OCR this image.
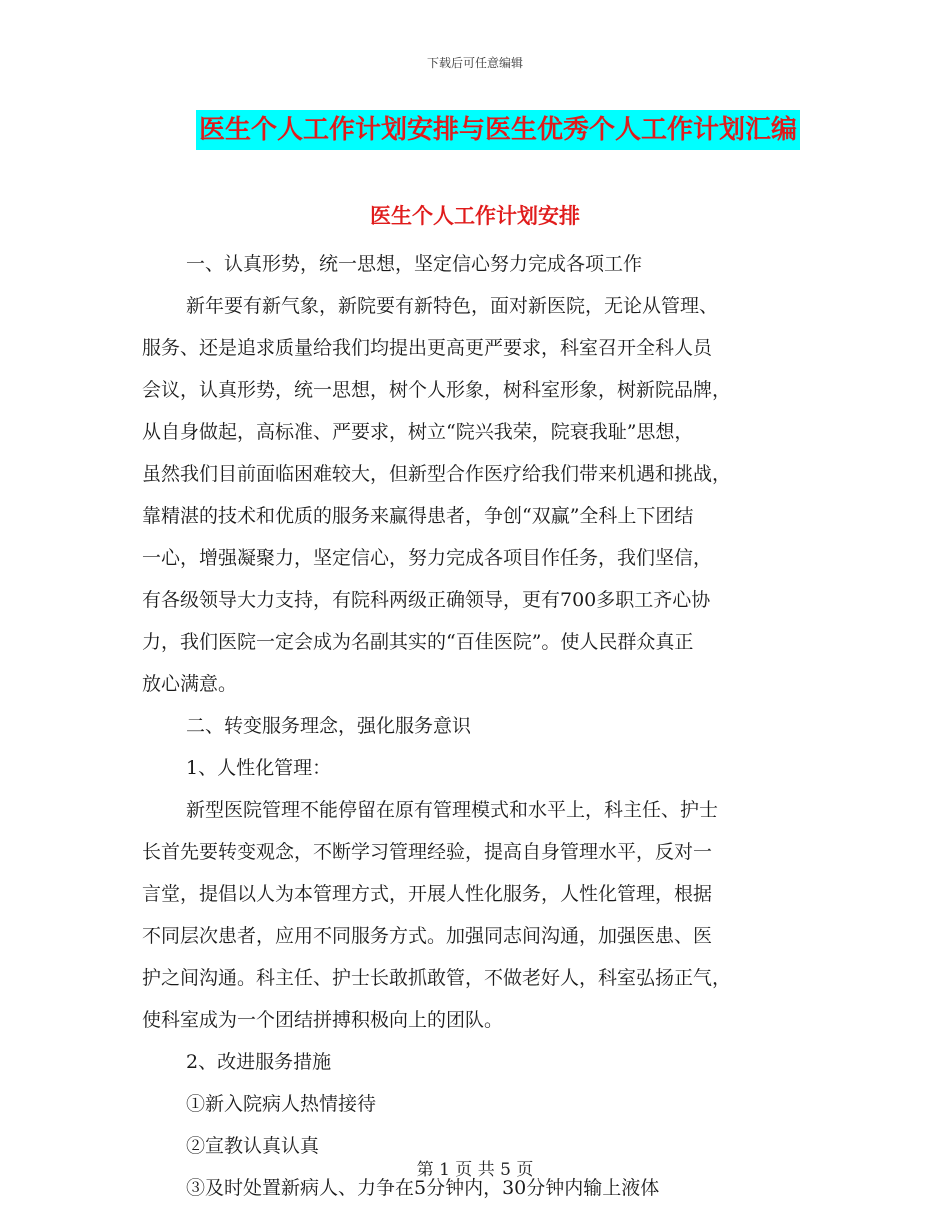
下载后可任意编辑
医生个人工作计划安排与医生优秀个人工作计划汇编
医生个人工作计划安排
一、认真形势，统一思想，坚定信心努力完成各项工作
新年要有新气象，新院要有新特色，面对新医院，无论从管理、
服务、还是追求质量给我们均提出更高更严要求，科室召开全科人员
会议，认真形势，统一思想，树个人形象，树科室形象，树新院品牌，
从自身做起，高标准、严要求，树立“院兴我荣，院衰我耻”思想，
虽然我们目前面临困难较大，但新型合作医疗给我们带来机遇和挑战，
靠精湛的技术和优质的服务来赢得患者，争创“双赢”全科上下团结
一心，增强凝聚力，坚定信心，努力完成各项目作任务，我们坚信，
有各级领导大力支持，有院科两级正确领导，更有700多职工齐心协
力，我们医院一定会成为名副其实的“百佳医院”。使人民群众真正
放心满意。
二、转变服务理念，强化服务意识
1、人性化管理：
新型医院管理不能停留在原有管理模式和水平上，科主任、护士
长首先要转变观念，不断学习管理经验，提高自身管理水平，反对一
言堂，提倡以人为本管理方式，开展人性化服务，人性化管理，根据
不同层次患者，应用不同服务方式。加强同志间沟通，加强医患、医
护之间沟通。科主任、护士长敢抓敢管，不做老好人，科室弘扬正气，
使科室成为一个团结拼搏积极向上的团队。
2、改进服务措施
①新入院病人热情接待
②宣教认真认真
③及时处置新病人、力争在5分钟内，30分钟内输上液体
第 1 页 共 5 页
